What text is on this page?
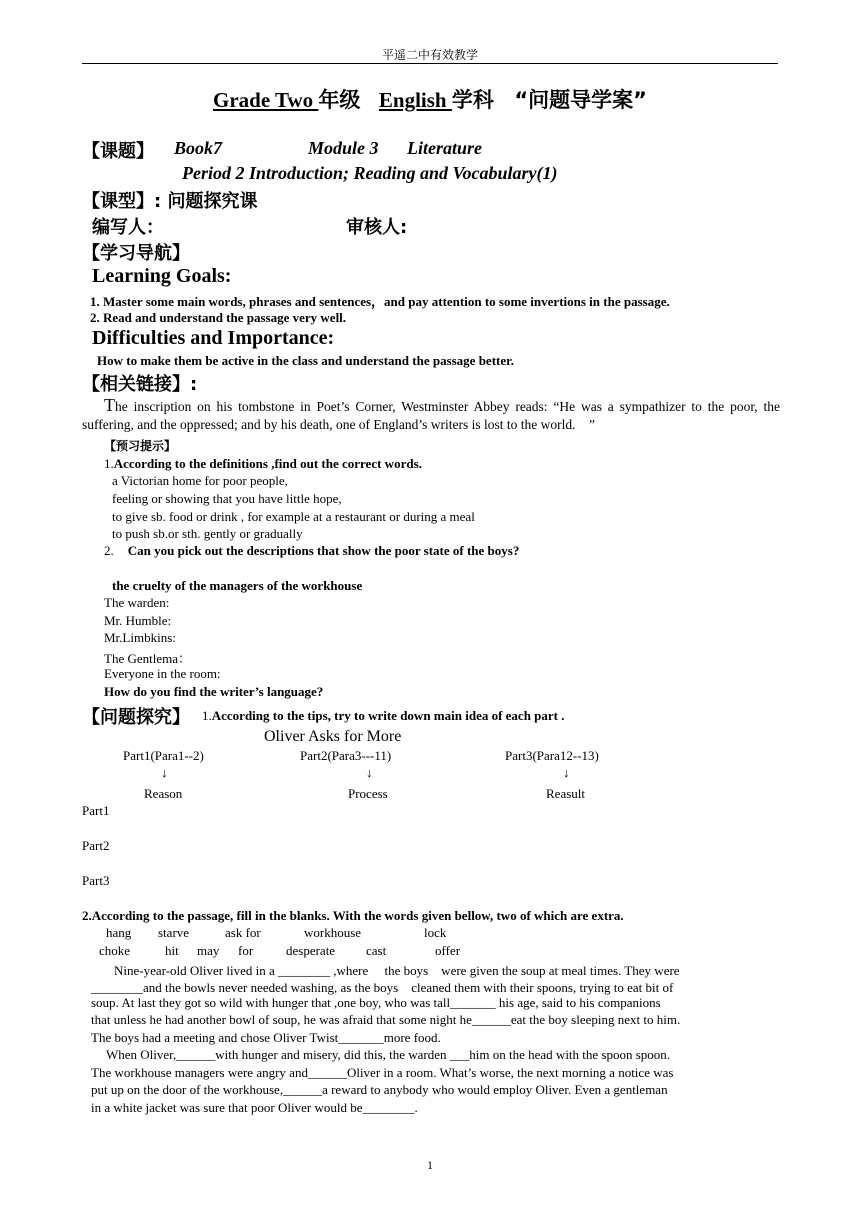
平遥二中有效教学
Grade Two 年级  English 学科 “问题导学案”
【课题】 Book7	Module 3 Literature
Period 2 Introduction; Reading and Vocabulary(1)
【课型】: 问题探究课
编写人：	审核人:
【学习导航】
Learning Goals:
1. Master some main words, phrases and sentences，and pay attention to some invertions in the passage.
2. Read and understand the passage very well.
Difficulties and Importance:
How to make them be active in the class and understand the passage better.
【相关链接】:
The inscription on his tombstone in Poet’s Corner, Westminster Abbey reads: “He was a sympathizer to the poor, the suffering, and the oppressed; and by his death, one of England’s writers is lost to the world.　”
【预习提示】
1.According to the definitions ,find out the correct words.
a Victorian home for poor people,
feeling or showing that you have little hope,
to give sb. food or drink , for example at a restaurant or during a meal
to push sb.or sth. gently or gradually
2. Can you pick out the descriptions that show the poor state of the boys?
the cruelty of the managers of the workhouse
The warden:
Mr. Humble:
Mr.Limbkins:
The Gentlema：
Everyone in the room:
How do you find the writer’s language?
【问题探究】 1.According to the tips, try to write down main idea of each part .
Oliver Asks for More
Part1(Para1--2)	Part2(Para3---11)	Part3(Para12--13)
↓	↓	↓
Reason	Process	Reasult
Part1
Part2
Part3
2.According to the passage, fill in the blanks. With the words given bellow, two of which are extra.
hang starve	ask for	workhouse	lock
choke	hit may for	desperate cast	offer
Nine-year-old Oliver lived in a ________ ,where　 the boys　were given the soup at meal times. They were
________and the bowls never needed washing, as the boys　cleaned them with their spoons, trying to eat bit of
soup. At last they got so wild with hunger that ,one boy, who was tall_______ his age, said to his companions
that unless he had another bowl of soup, he was afraid that some night he______eat the boy sleeping next to him.
The boys had a meeting and chose Oliver Twist_______more food.
When Oliver,______with hunger and misery, did this, the warden ___him on the head with the spoon spoon.
The workhouse managers were angry and______Oliver in a room. What’s worse, the next morning a notice was
put up on the door of the workhouse,______a reward to anybody who would employ Oliver. Even a gentleman
in a white jacket was sure that poor Oliver would be________.
1
